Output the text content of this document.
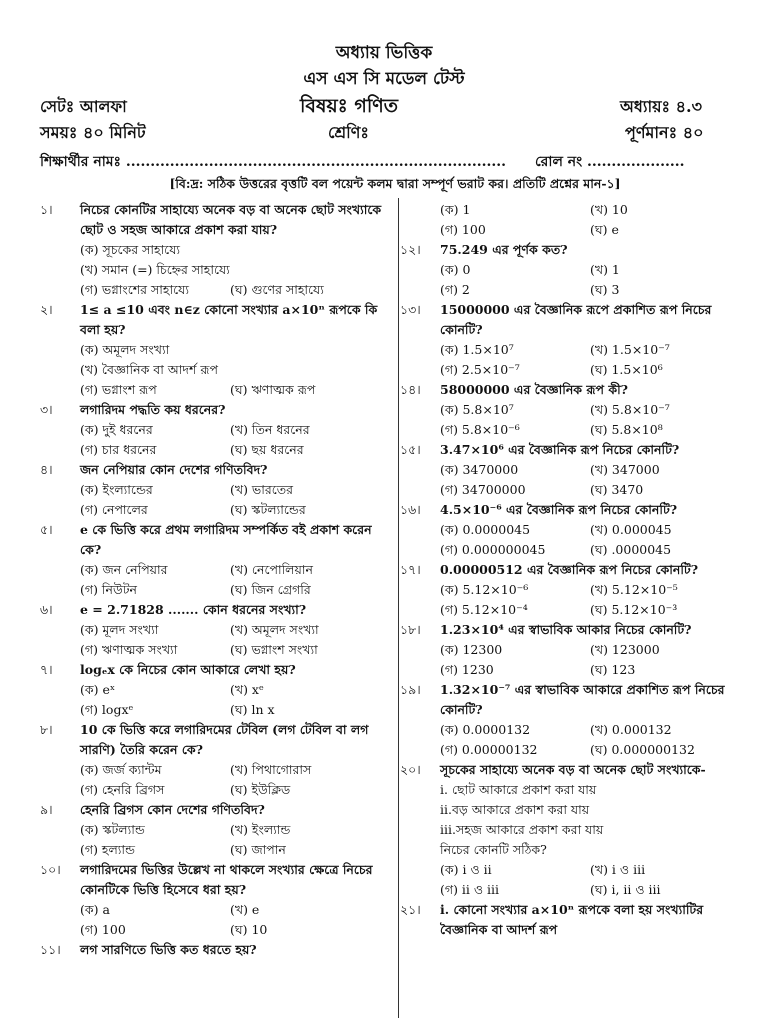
অধ্যায় ভিত্তিক
এস এস সি মডেল টেস্ট
সেটঃ আলফা	বিষয়ঃ গণিত	অধ্যায়ঃ ৪.৩
সময়ঃ ৪০ মিনিট	শ্রেণিঃ	পূর্ণমানঃ ৪০
শিক্ষার্থীর নামঃ .............................................................................. রোল নং ....................
[বি:দ্র: সঠিক উত্তরের বৃত্তটি বল পয়েন্ট কলম দ্বারা সম্পূর্ণ ভরাট কর। প্রতিটি প্রশ্নের মান-১]
১। নিচের কোনটির সাহায্যে অনেক বড় বা অনেক ছোট সংখ্যাকে ছোট ও সহজ আকারে প্রকাশ করা যায়?
(ক) সূচকের সাহায্যে
(খ) সমান (=) চিহ্নের সাহায্যে
(গ) ভগ্নাংশের সাহায্যে	(ঘ) গুণের সাহায্যে
২। 1≤ a ≤10 এবং n∈z কোনো সংখ্যার a×10ⁿ রূপকে কি বলা হয়?
(ক) অমূলদ সংখ্যা
(খ) বৈজ্ঞানিক বা আদর্শ রূপ
(গ) ভগ্নাংশ রূপ	(ঘ) ঋণাত্মক রূপ
৩। লগারিদম পদ্ধতি কয় ধরনের?
(ক) দুই ধরনের	(খ) তিন ধরনের
(গ) চার ধরনের	(ঘ) ছয় ধরনের
৪। জন নেপিয়ার কোন দেশের গণিতবিদ?
(ক) ইংল্যান্ডের	(খ) ভারতের
(গ) নেপালের	(ঘ) স্কটল্যান্ডের
৫। e কে ভিত্তি করে প্রথম লগারিদম সম্পর্কিত বই প্রকাশ করেন কে?
(ক) জন নেপিয়ার	(খ) নেপোলিয়ান
(গ) নিউটন	(ঘ) জিন গ্রেগরি
৬। e = 2.71828 ....... কোন ধরনের সংখ্যা?
(ক) মূলদ সংখ্যা	(খ) অমূলদ সংখ্যা
(গ) ঋণাত্মক সংখ্যা	(ঘ) ভগ্নাংশ সংখ্যা
৭। logₑx কে নিচের কোন আকারে লেখা হয়?
(ক) eˣ	(খ) xᵉ
(গ) logxᵉ	(ঘ) ln x
৮। 10 কে ভিত্তি করে লগারিদমের টেবিল (লগ টেবিল বা লগ সারণি) তৈরি করেন কে?
(ক) জর্জ ক্যান্টম	(খ) পিথাগোরাস
(গ) হেনরি ব্রিগস	(ঘ) ইউক্লিড
৯। হেনরি ব্রিগস কোন দেশের গণিতবিদ?
(ক) স্কটল্যান্ড	(খ) ইংল্যান্ড
(গ) হল্যান্ড	(ঘ) জাপান
১০। লগারিদমের ভিত্তির উল্লেখ না থাকলে সংখ্যার ক্ষেত্রে নিচের কোনটিকে ভিত্তি হিসেবে ধরা হয়?
(ক) a	(খ) e
(গ) 100	(ঘ) 10
১১। লগ সারণিতে ভিত্তি কত ধরতে হয়?
(ক) 1	(খ) 10
(গ) 100	(ঘ) e
১২। 75.249 এর পূর্ণক কত?
(ক) 0	(খ) 1
(গ) 2	(ঘ) 3
১৩। 15000000 এর বৈজ্ঞানিক রূপে প্রকাশিত রূপ নিচের কোনটি?
(ক) 1.5×10⁷	(খ) 1.5×10⁻⁷
(গ) 2.5×10⁻⁷	(ঘ) 1.5×10⁶
১৪। 58000000 এর বৈজ্ঞানিক রূপ কী?
(ক) 5.8×10⁷	(খ) 5.8×10⁻⁷
(গ) 5.8×10⁻⁶	(ঘ) 5.8×10⁸
১৫। 3.47×10⁶ এর বৈজ্ঞানিক রূপ নিচের কোনটি?
(ক) 3470000	(খ) 347000
(গ) 34700000	(ঘ) 3470
১৬। 4.5×10⁻⁶ এর বৈজ্ঞানিক রূপ নিচের কোনটি?
(ক) 0.0000045	(খ) 0.000045
(গ) 0.000000045	(ঘ) .0000045
১৭। 0.00000512 এর বৈজ্ঞানিক রূপ নিচের কোনটি?
(ক) 5.12×10⁻⁶	(খ) 5.12×10⁻⁵
(গ) 5.12×10⁻⁴	(ঘ) 5.12×10⁻³
১৮। 1.23×10⁴ এর স্বাভাবিক আকার নিচের কোনটি?
(ক) 12300	(খ) 123000
(গ) 1230	(ঘ) 123
১৯। 1.32×10⁻⁷ এর স্বাভাবিক আকারে প্রকাশিত রূপ নিচের কোনটি?
(ক) 0.0000132	(খ) 0.000132
(গ) 0.00000132	(ঘ) 0.000000132
২০। সূচকের সাহায্যে অনেক বড় বা অনেক ছোট সংখ্যাকে-
i. ছোট আকারে প্রকাশ করা যায়
ii.বড় আকারে প্রকাশ করা যায়
iii.সহজ আকারে প্রকাশ করা যায়
নিচের কোনটি সঠিক?
(ক) i ও ii	(খ) i ও iii
(গ) ii ও iii	(ঘ) i, ii ও iii
২১। i. কোনো সংখ্যার a×10ⁿ রূপকে বলা হয় সংখ্যাটির বৈজ্ঞানিক বা আদর্শ রূপ
